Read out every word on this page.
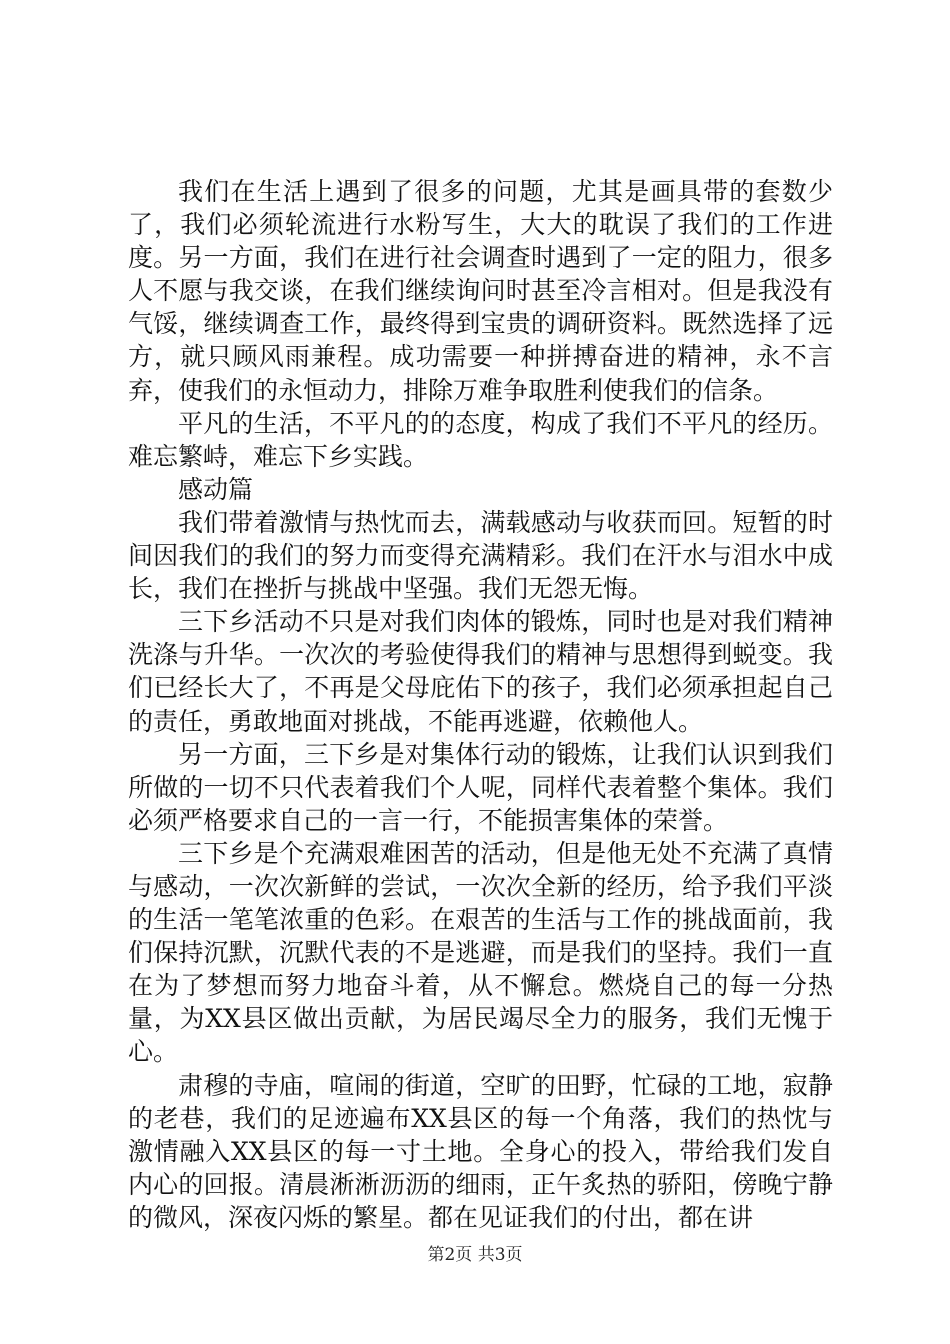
我们在生活上遇到了很多的问题，尤其是画具带的套数少了，我们必须轮流进行水粉写生，大大的耽误了我们的工作进度。另一方面，我们在进行社会调查时遇到了一定的阻力，很多人不愿与我交谈，在我们继续询问时甚至冷言相对。但是我没有气馁，继续调查工作，最终得到宝贵的调研资料。既然选择了远方，就只顾风雨兼程。成功需要一种拼搏奋进的精神，永不言弃，使我们的永恒动力，排除万难争取胜利使我们的信条。

平凡的生活，不平凡的的态度，构成了我们不平凡的经历。难忘繁峙，难忘下乡实践。

感动篇

我们带着激情与热忱而去，满载感动与收获而回。短暂的时间因我们的我们的努力而变得充满精彩。我们在汗水与泪水中成长，我们在挫折与挑战中坚强。我们无怨无悔。

三下乡活动不只是对我们肉体的锻炼，同时也是对我们精神洗涤与升华。一次次的考验使得我们的精神与思想得到蜕变。我们已经长大了，不再是父母庇佑下的孩子，我们必须承担起自己的责任，勇敢地面对挑战，不能再逃避，依赖他人。

另一方面，三下乡是对集体行动的锻炼，让我们认识到我们所做的一切不只代表着我们个人呢，同样代表着整个集体。我们必须严格要求自己的一言一行，不能损害集体的荣誉。

三下乡是个充满艰难困苦的活动，但是他无处不充满了真情与感动，一次次新鲜的尝试，一次次全新的经历，给予我们平淡的生活一笔笔浓重的色彩。在艰苦的生活与工作的挑战面前，我们保持沉默，沉默代表的不是逃避，而是我们的坚持。我们一直在为了梦想而努力地奋斗着，从不懈怠。燃烧自己的每一分热量，为XX县区做出贡献，为居民竭尽全力的服务，我们无愧于心。

肃穆的寺庙，喧闹的街道，空旷的田野，忙碌的工地，寂静的老巷，我们的足迹遍布XX县区的每一个角落，我们的热忱与激情融入XX县区的每一寸土地。全身心的投入，带给我们发自内心的回报。清晨淅淅沥沥的细雨，正午炙热的骄阳，傍晚宁静的微风，深夜闪烁的繁星。都在见证我们的付出，都在讲

第2页 共3页
